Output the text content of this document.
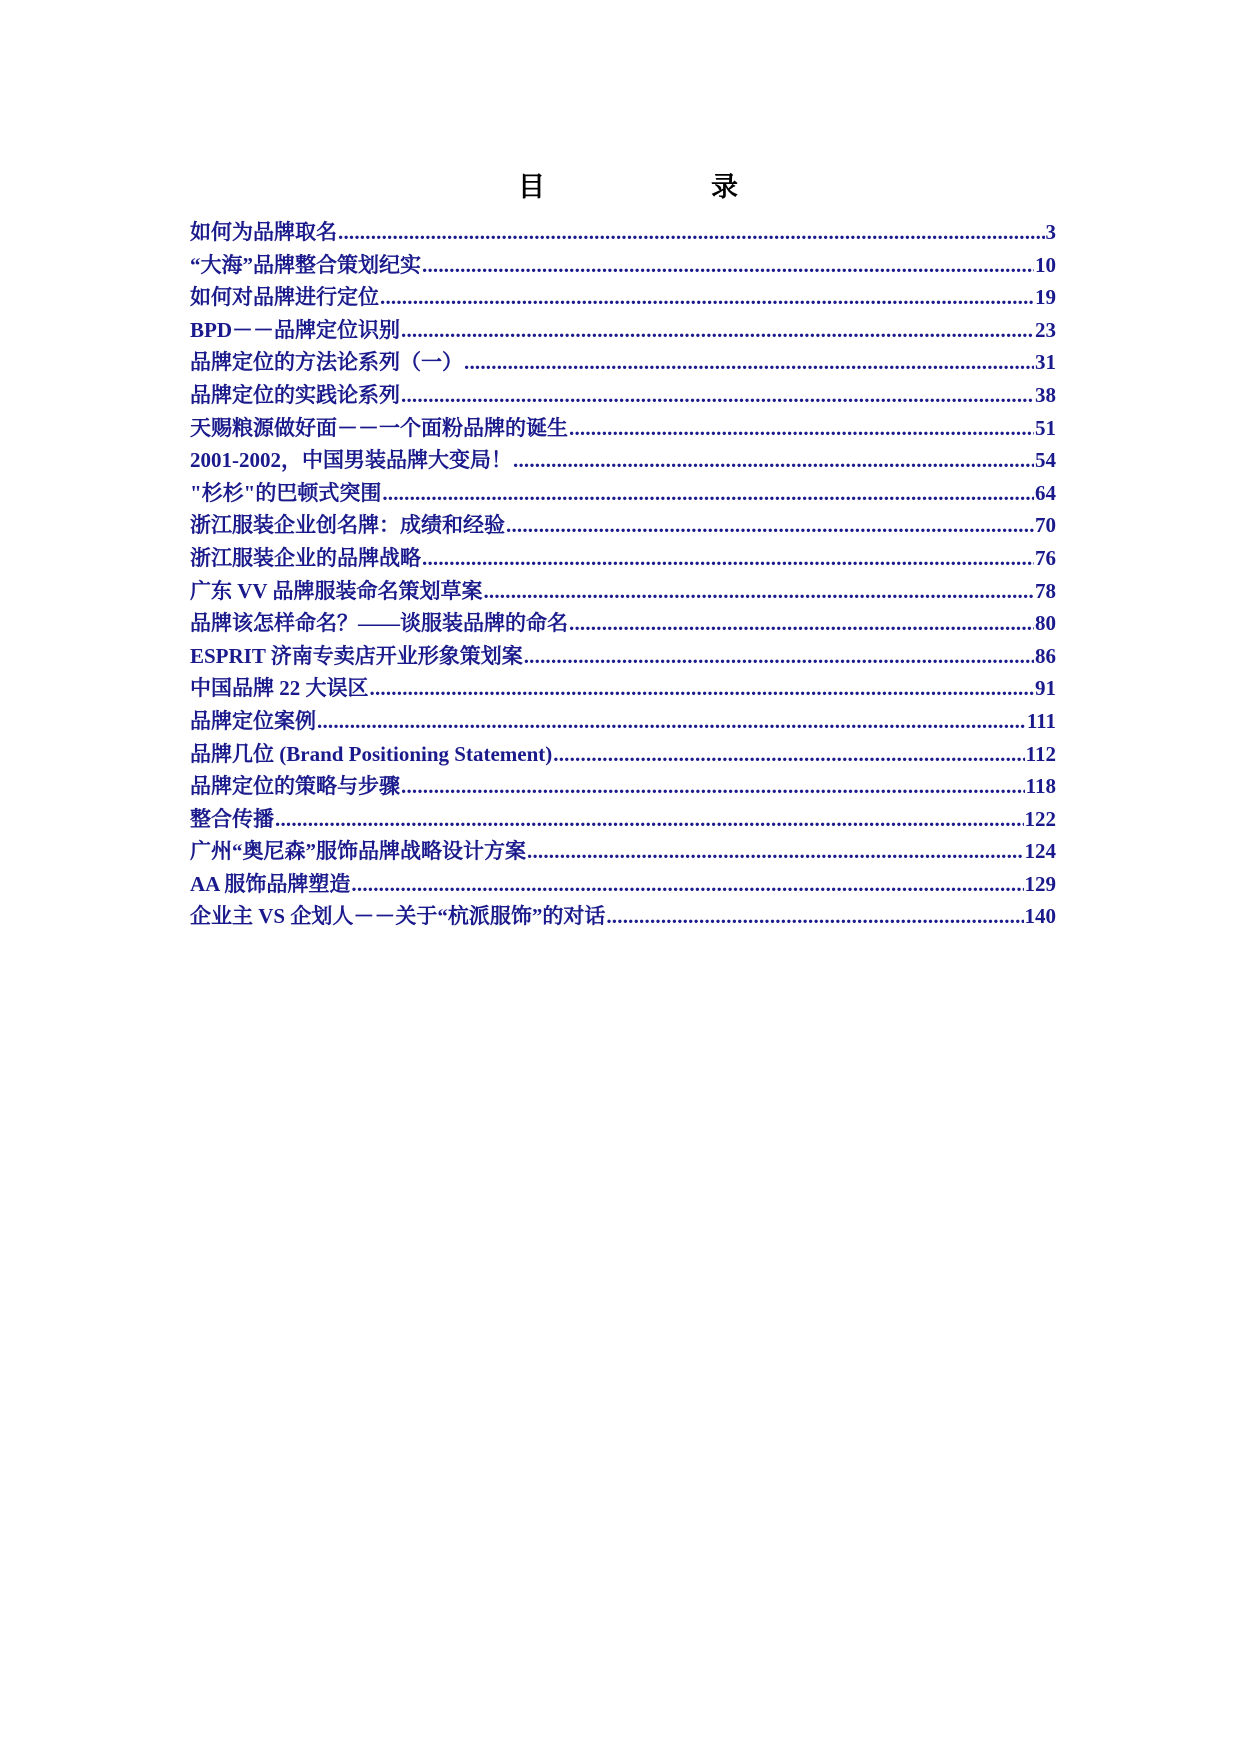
目	录
如何为品牌取名 .....	3
“大海”品牌整合策划纪实 .....	10
如何对品牌进行定位 .....	19
BPD－－品牌定位识别 .....	23
品牌定位的方法论系列（一） .....	31
品牌定位的实践论系列 .....	38
天赐粮源做好面－－一个面粉品牌的诞生 .....	51
2001-2002，中国男装品牌大变局！ .....	54
"杉杉"的巴顿式突围 .....	64
浙江服装企业创名牌：成绩和经验 .....	70
浙江服装企业的品牌战略 .....	76
广东 VV 品牌服装命名策划草案 .....	78
品牌该怎样命名？——谈服装品牌的命名 .....	80
ESPRIT 济南专卖店开业形象策划案 .....	86
中国品牌 22 大误区 .....	91
品牌定位案例 .....	111
品牌几位 (Brand Positioning Statement) .....	112
品牌定位的策略与步骤 .....	118
整合传播 .....	122
广州“奥尼森”服饰品牌战略设计方案 .....	124
AA 服饰品牌塑造 .....	129
企业主 VS 企划人－－关于“杭派服饰”的对话 .....	140
